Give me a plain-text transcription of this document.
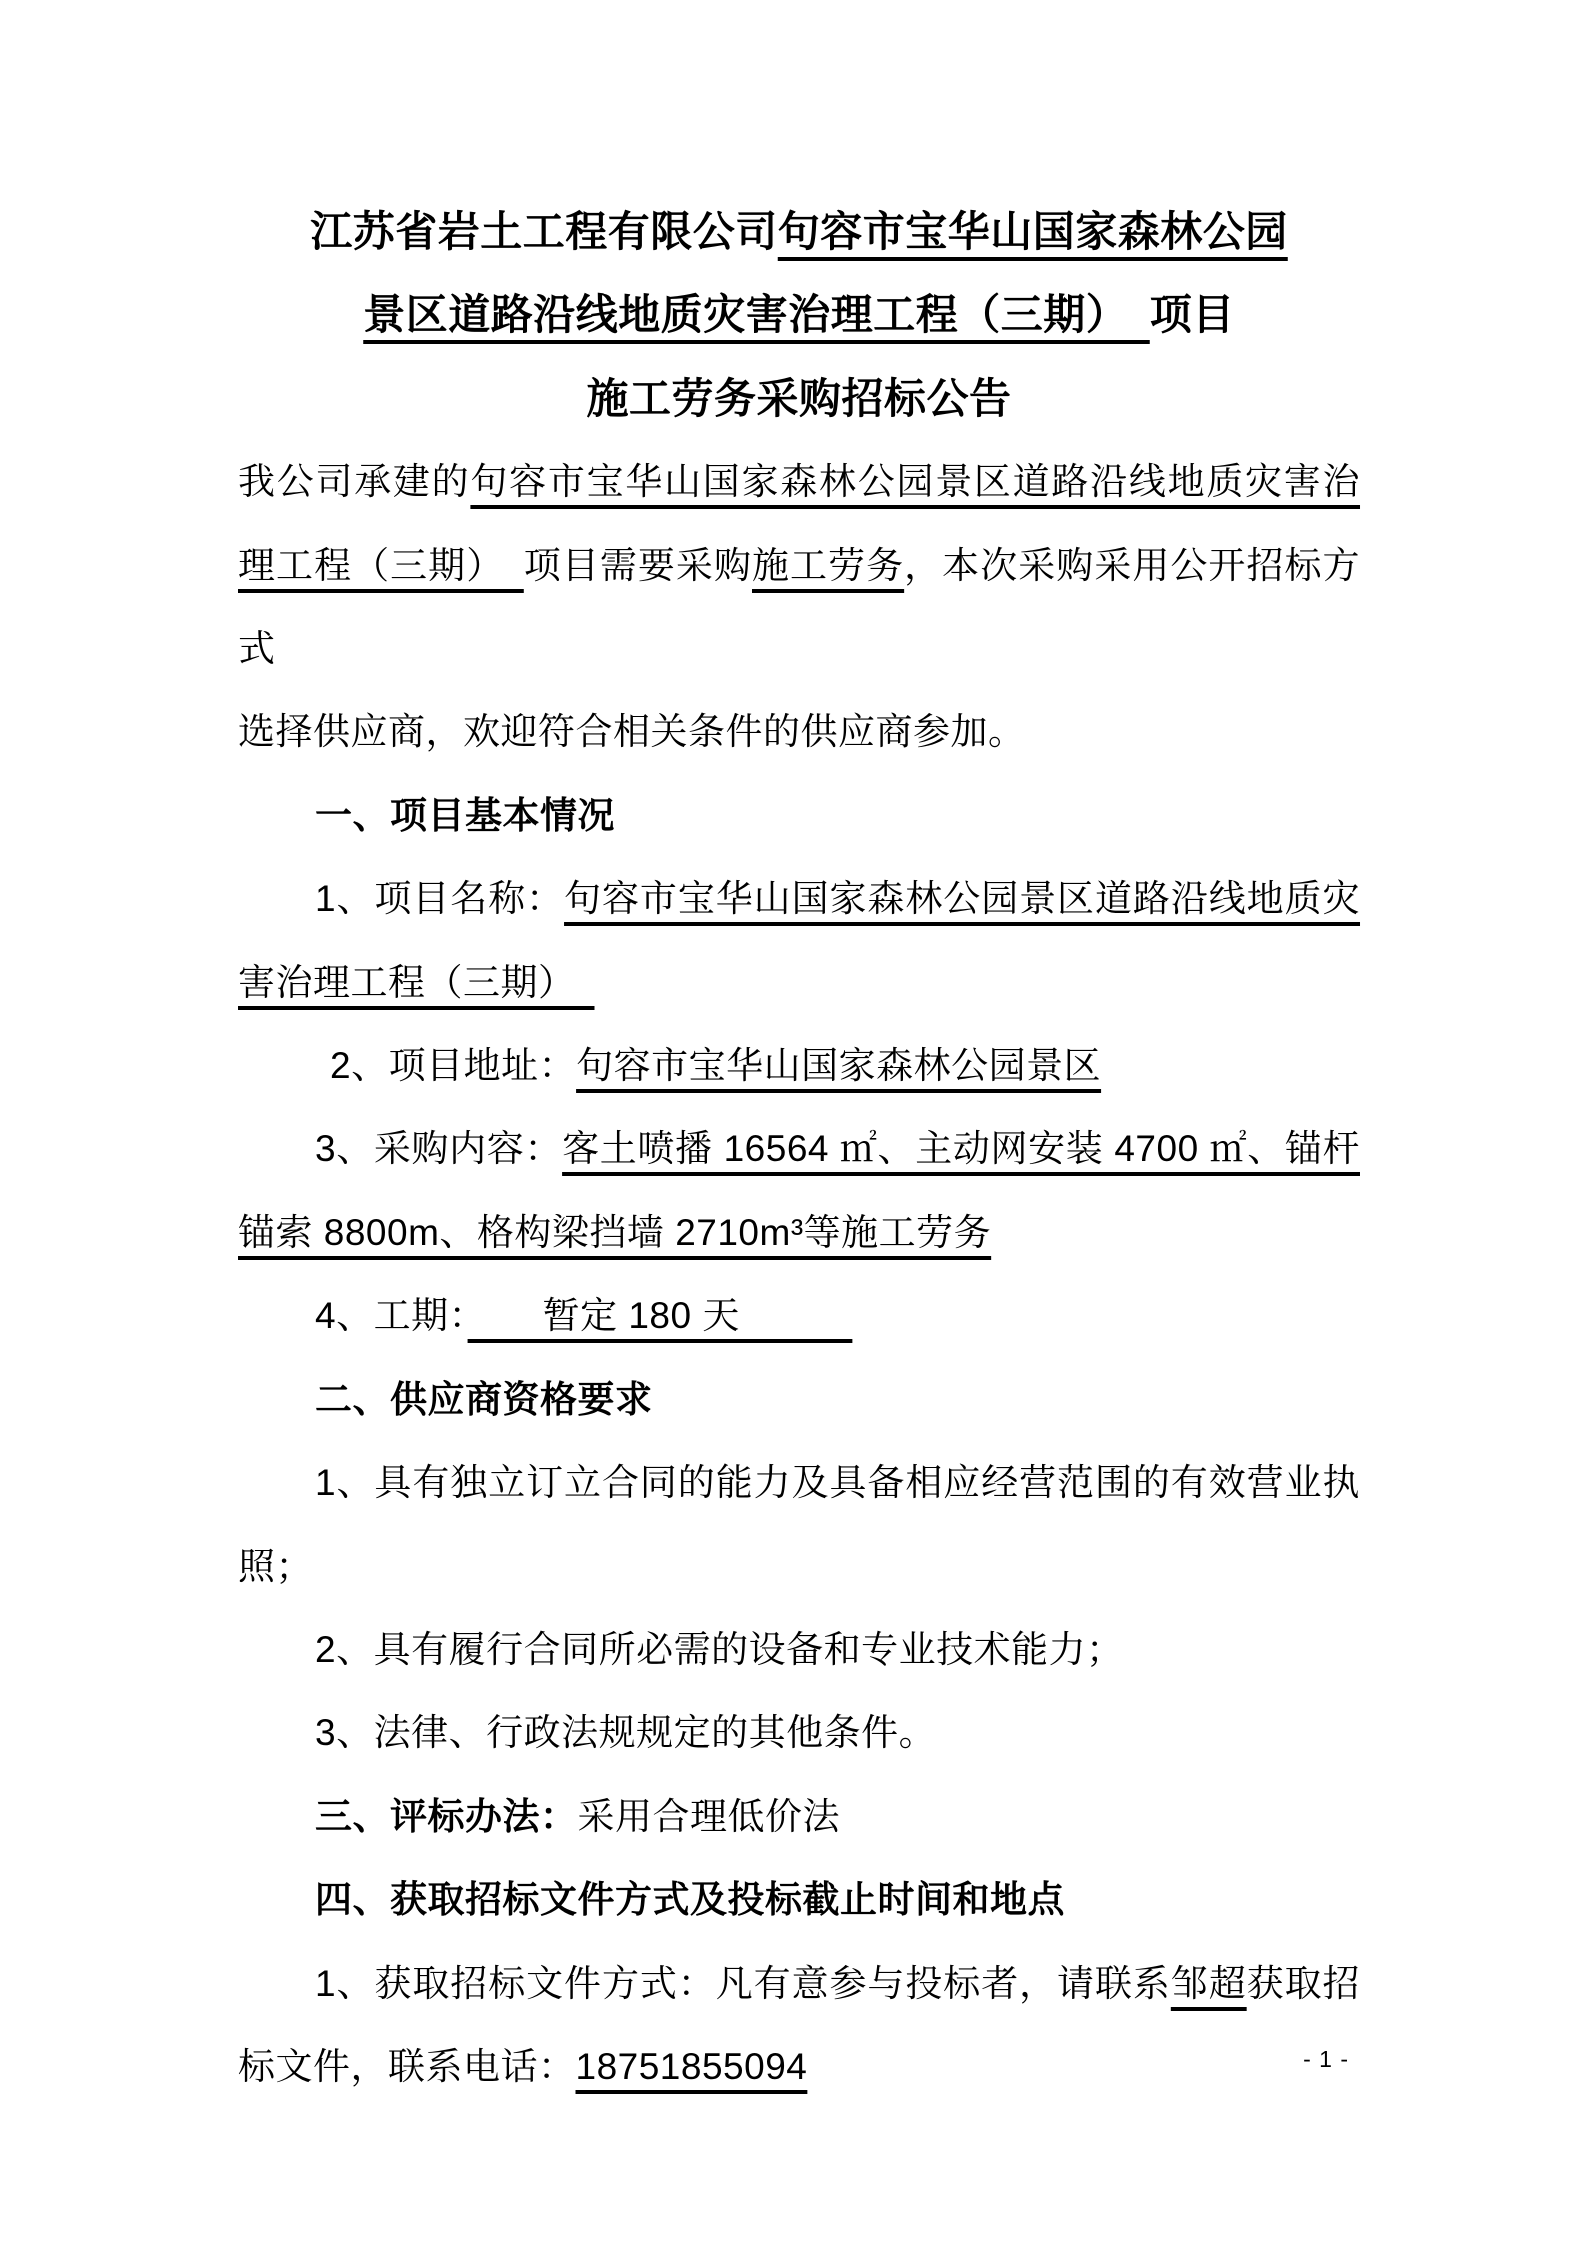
江苏省岩土工程有限公司句容市宝华山国家森林公园
景区道路沿线地质灾害治理工程（三期）　项目
施工劳务采购招标公告
我公司承建的句容市宝华山国家森林公园景区道路沿线地质灾害治
理工程（三期）　项目需要采购施工劳务，本次采购采用公开招标方式
选择供应商，欢迎符合相关条件的供应商参加。
一、项目基本情况
1、项目名称：句容市宝华山国家森林公园景区道路沿线地质灾
害治理工程（三期）　
2、项目地址：句容市宝华山国家森林公园景区
3、采购内容：客土喷播 16564 ㎡、主动网安装 4700 ㎡、锚杆
锚索 8800m、格构梁挡墙 2710m³等施工劳务
4、工期：　　暂定 180 天　　　
二、供应商资格要求
1、具有独立订立合同的能力及具备相应经营范围的有效营业执
照；
2、具有履行合同所必需的设备和专业技术能力；
3、法律、行政法规规定的其他条件。
三、评标办法：采用合理低价法
四、获取招标文件方式及投标截止时间和地点
1、获取招标文件方式：凡有意参与投标者，请联系邹超获取招
标文件，联系电话：18751855094	- 1 -
